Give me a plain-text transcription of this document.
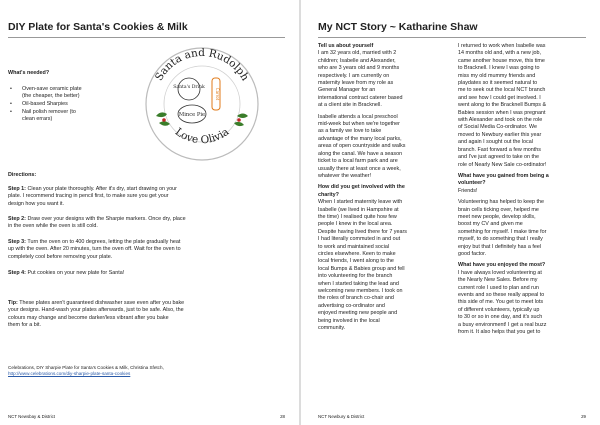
DIY Plate for Santa's Cookies & Milk
Santa and Rudolph
Love Olivia
Santa's Drink
Mince Pie
Carrot

What's needed?

• Oven-save ceramic plate
(the cheaper, the better)
• Oil-based Sharpies
• Nail polish remover (to
clean errars)
Directions:

Step 1: Clean your plate thoroughly. After it's dry, start drawing on your

plate. I recommend tracing in pencil first, to make sure you get your

design how you want it.

Step 2: Draw over your designs with the Sharpie markers. Once dry, place

in the oven while the oven is still cold.

Step 3: Turn the oven on to 400 degrees, letting the plate gradually heat

up with the oven. After 20 minutes, turn the oven off. Wait for the oven to

completely cool before removing your plate.

Step 4: Put cookies on your new plate for Santa!

Tip: These plates aren't guaranteed dishwasher save even after you bake

your designs. Hand-wash your plates afterwards, just to be safe. Also, the

colours may change and become darker/less vibrant after you bake

them for a bit.

Celebrations, DIY Sharpie Plate for Santa's Cookies & Milk, Christina Sfetch,

http://www.celebrations.com/diy-sharpie-plate-santa-cookies
NCT Newsbay & District	28
My NCT Story ~ Katharine Shaw

Tell us about yourself

I am 32 years old, married with 2

children; Isabelle and Alexander,

who are 3 years old and 9 months

respectively. I am currently on

maternity leave from my role as

General Manager for an

international contract caterer based

at a client site in Bracknell.

Isabelle attends a local preschool

mid-week but when we're together

as a family we love to take

advantage of the many local parks,

areas of open countryside and walks

along the canal. We have a season

ticket to a local farm park and are

usually there at least once a week,

whatever the weather!

How did you get involved with the

charity?

When I started maternity leave with

Isabelle (we lived in Hampshire at

the time) I realised quite how few

people I knew in the local area.

Despite having lived there for 7 years

I had literally commuted in and out

to work and maintained social

circles elsewhere. Keen to make

local friends, I went along to the

local Bumps & Babies group and fell

into volunteering for the branch

when I started taking the lead and

welcoming new members. I took on

the roles of branch co-chair and

advertising co-ordinator and

enjoyed meeting new people and

being involved in the local

community.

I returned to work when Isabelle was

14 months old and, with a new job,

came another house move, this time

to Bracknell. I knew I was going to

miss my old mummy friends and

playdates so it seemed natural to

me to seek out the local NCT branch

and see how I could get involved. I

went along to the Bracknell Bumps &

Babies session when I was pregnant

with Alexander and took on the role

of Social Media Co-ordinator. We

moved to Newbury earlier this year

and again I sought out the local

branch. Fast forward a few months

and I've just agreed to take on the

role of Nearly New Sale co-ordinator!

What have you gained from being a

volunteer?

Friends!

Volunteering has helped to keep the

brain cells ticking over, helped me

meet new people, develop skills,

boost my CV and given me

something for myself. I make time for

myself, to do something that I really

enjoy but that I definitely has a feel

good factor.

What have you enjoyed the most?

I have always loved volunteering at

the Nearly New Sales. Before my

current role I used to plan and run

events and so these really appeal to

this side of me. You get to meet lots

of different volunteers, typically up

to 30 or so in one day, and it's such

a busy environment! I get a real buzz

from it. It also helps that you get to

NCT Newbury & District	29
